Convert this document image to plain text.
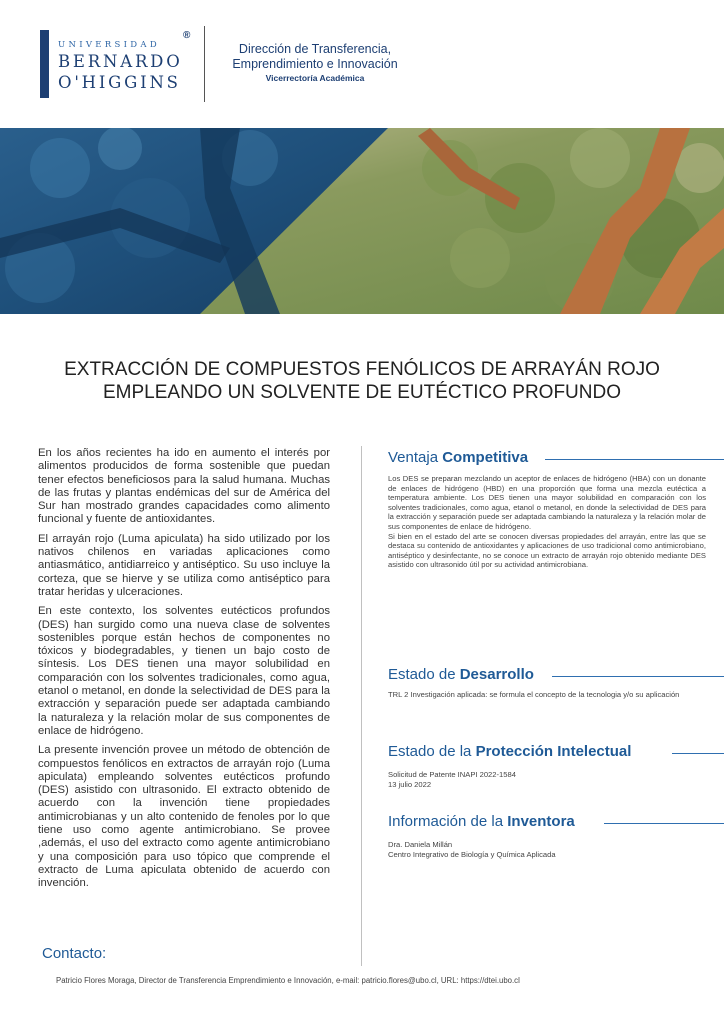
UNIVERSIDAD
®
BERNARDO
O'HIGGINS
Dirección de Transferencia,
Emprendimiento e Innovación
Vicerrectoría Académica
EXTRACCIÓN DE COMPUESTOS FENÓLICOS DE ARRAYÁN ROJO
EMPLEANDO UN SOLVENTE DE EUTÉCTICO PROFUNDO

En los años recientes ha ido en aumento el interés por alimentos producidos de forma sostenible que puedan tener efectos beneficiosos para la salud humana. Muchas de las frutas y plantas endémicas del sur de América del Sur han mostrado grandes capacidades como alimento funcional y fuente de antioxidantes.

El arrayán rojo (Luma apiculata) ha sido utilizado por los nativos chilenos en variadas aplicaciones como antiasmático, antidiarreico y antiséptico. Su uso incluye la corteza, que se hierve y se utiliza como antiséptico para tratar heridas y ulceraciones.

En este contexto, los solventes eutécticos profundos (DES) han surgido como una nueva clase de solventes sostenibles porque están hechos de componentes no tóxicos y biodegradables, y tienen un bajo costo de síntesis. Los DES tienen una mayor solubilidad en comparación con los solventes tradicionales, como agua, etanol o metanol, en donde la selectividad de DES para la extracción y separación puede ser adaptada cambiando la naturaleza y la relación molar de sus componentes de enlace de hidrógeno.

La presente invención provee un método de obtención de compuestos fenólicos en extractos de arrayán rojo (Luma apiculata) empleando solventes eutécticos profundo (DES) asistido con ultrasonido. El extracto obtenido de acuerdo con la invención tiene propiedades antimicrobianas y un alto contenido de fenoles por lo que tiene uso como agente antimicrobiano. Se provee ,además, el uso del extracto como agente antimicrobiano y una composición para uso tópico que comprende el extracto de Luma apiculata obtenido de acuerdo con invención.

Ventaja Competitiva
Los DES se preparan mezclando un aceptor de enlaces de hidrógeno (HBA) con un donante de enlaces de hidrógeno (HBD) en una proporción que forma una mezcla eutéctica a temperatura ambiente. Los DES tienen una mayor solubilidad en comparación con los solventes tradicionales, como agua, etanol o metanol, en donde la selectividad de DES para la extracción y separación puede ser adaptada cambiando la naturaleza y la relación molar de sus componentes de enlace de hidrógeno.
Si bien en el estado del arte se conocen diversas propiedades del arrayán, entre las que se destaca su contenido de antioxidantes y aplicaciones de uso tradicional como antimicrobiano, antiséptico y desinfectante, no se conoce un extracto de arrayán rojo obtenido mediante DES asistido con ultrasonido útil por su actividad antimicrobiana.
Estado de Desarrollo
TRL 2 Investigación aplicada: se formula el concepto de la tecnologia y/o su aplicación
Estado de la Protección Intelectual
Solicitud de Patente INAPI 2022-1584
13 julio 2022
Información de la Inventora
Dra. Daniela Millán
Centro Integrativo de Biología y Química Aplicada
Contacto:
Patricio Flores Moraga, Director de Transferencia Emprendimiento e Innovación, e-mail: patricio.flores@ubo.cl, URL: https://dtei.ubo.cl
